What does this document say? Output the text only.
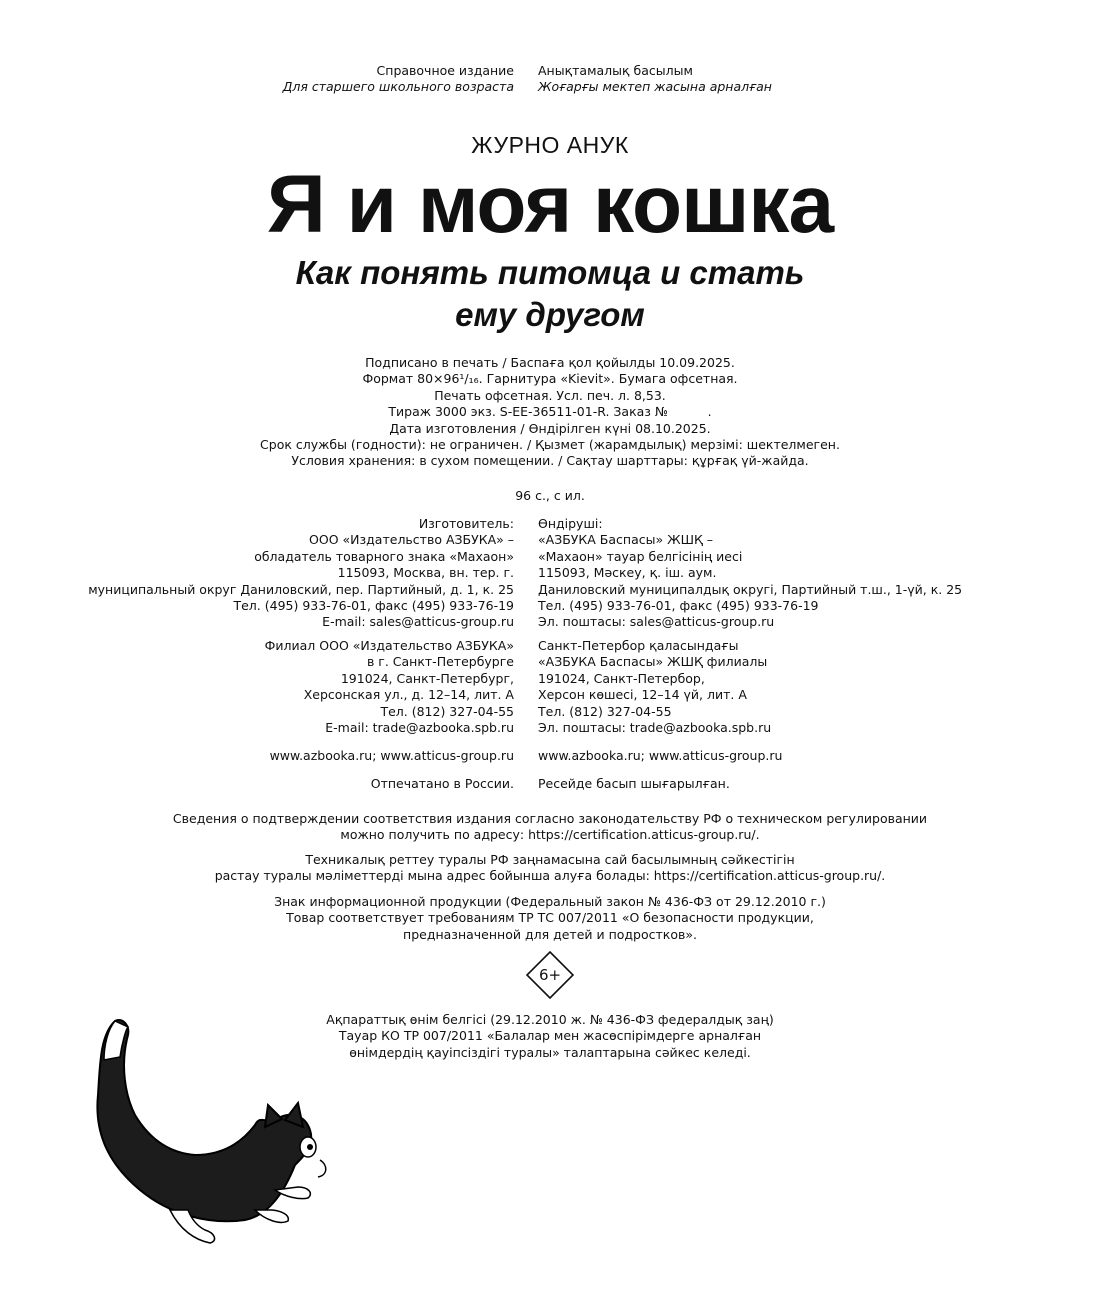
Справочное издание
Для старшего школьного возраста
Анықтамалық басылым
Жоғарғы мектеп жасына арналған
ЖУРНО АНУК
Я и моя кошка
Как понять питомца и стать
ему другом
Подписано в печать / Баспаға қол қойылды 10.09.2025.
Формат 80×96¹/₁₆. Гарнитура «Kievit». Бумага офсетная.
Печать офсетная. Усл. печ. л. 8,53.
Тираж 3000 экз. S-EE-36511-01-R. Заказ №          .
Дата изготовления / Өндірілген күні 08.10.2025.
Срок службы (годности): не ограничен. / Қызмет (жарамдылық) мерзімі: шектелмеген.
Условия хранения: в сухом помещении. / Сақтау шарттары: құрғақ үй-жайда.
96 с., с ил.
Изготовитель:
ООО «Издательство АЗБУКА» –
обладатель товарного знака «Махаон»
115093, Москва, вн. тер. г.
муниципальный округ Даниловский, пер. Партийный, д. 1, к. 25
Тел. (495) 933-76-01, факс (495) 933-76-19
E-mail: sales@atticus-group.ru
Өндіруші:
«АЗБУКА Баспасы» ЖШҚ –
«Махаон» тауар белгісінің иесі
115093, Мәскеу, қ. іш. аум.
Даниловский муниципалдық округі, Партийный т.ш., 1-үй, к. 25
Тел. (495) 933-76-01, факс (495) 933-76-19
Эл. поштасы: sales@atticus-group.ru
Филиал ООО «Издательство АЗБУКА»
в г. Санкт-Петербурге
191024, Санкт-Петербург,
Херсонская ул., д. 12–14, лит. А
Тел. (812) 327-04-55
E-mail: trade@azbooka.spb.ru
Санкт-Петербор қаласындағы
«АЗБУКА Баспасы» ЖШҚ филиалы
191024, Санкт-Петербор,
Херсон көшесі, 12–14 үй, лит. А
Тел. (812) 327-04-55
Эл. поштасы: trade@azbooka.spb.ru
www.azbooka.ru; www.atticus-group.ru www.azbooka.ru; www.atticus-group.ru
Отпечатано в России. Ресейде басып шығарылған.
Сведения о подтверждении соответствия издания согласно законодательству РФ о техническом регулировании
можно получить по адресу: https://certification.atticus-group.ru/.
Техникалық реттеу туралы РФ заңнамасына сай басылымның сәйкестігін
растау туралы мәліметтерді мына адрес бойынша алуға болады: https://certification.atticus-group.ru/.
Знак информационной продукции (Федеральный закон № 436-ФЗ от 29.12.2010 г.)
Товар соответствует требованиям ТР ТС 007/2011 «О безопасности продукции,
предназначенной для детей и подростков».
6+
Ақпараттық өнім белгісі (29.12.2010 ж. № 436-ФЗ федералдық заң)
Тауар КО ТР 007/2011 «Балалар мен жасөспірімдерге арналған
өнімдердің қауіпсіздігі туралы» талаптарына сәйкес келеді.
